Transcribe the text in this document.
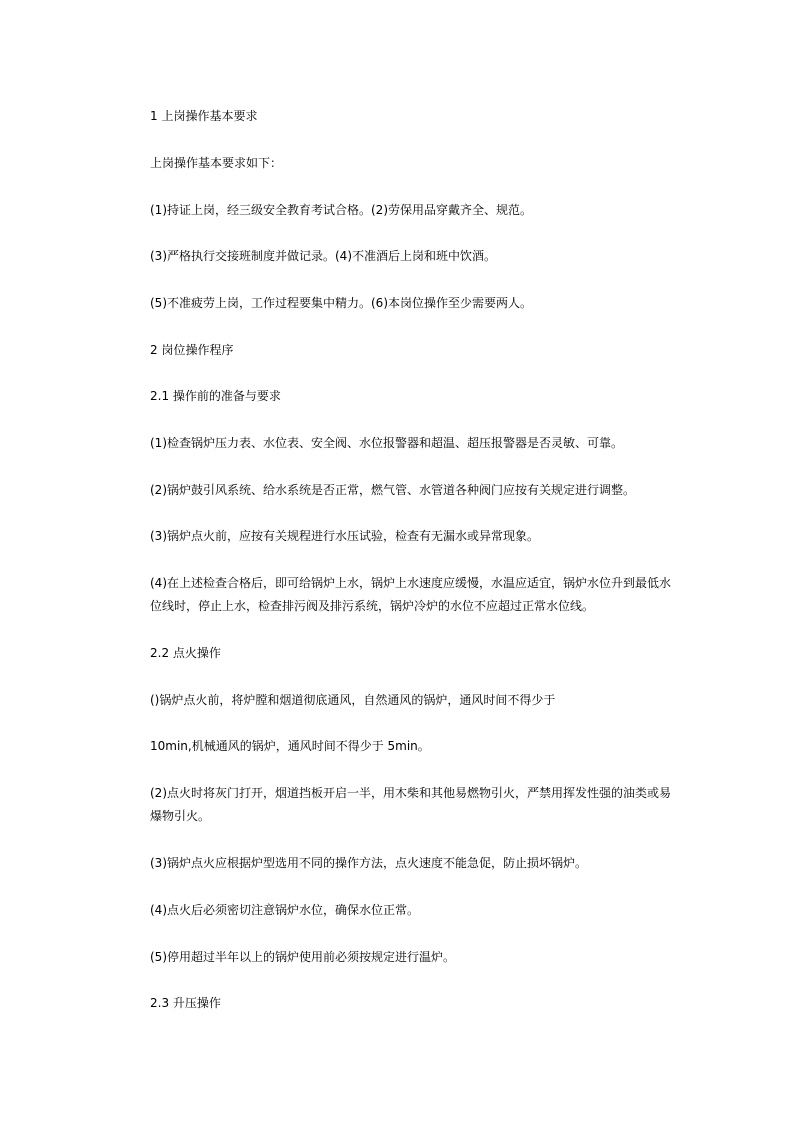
1 上岗操作基本要求

上岗操作基本要求如下：

(1)持证上岗，经三级安全教育考试合格。(2)劳保用品穿戴齐全、规范。

(3)严格执行交接班制度并做记录。(4)不准酒后上岗和班中饮酒。

(5)不准疲劳上岗，工作过程要集中精力。(6)本岗位操作至少需要两人。

2 岗位操作程序

2.1 操作前的准备与要求

(1)检查锅炉压力表、水位表、安全阀、水位报警器和超温、超压报警器是否灵敏、可靠。

(2)锅炉鼓引风系统、给水系统是否正常，燃气管、水管道各种阀门应按有关规定进行调整。

(3)锅炉点火前，应按有关规程进行水压试验，检查有无漏水或异常现象。

(4)在上述检查合格后，即可给锅炉上水，锅炉上水速度应缓慢，水温应适宜，锅炉水位升到最低水位线时，停止上水，检查排污阀及排污系统，锅炉冷炉的水位不应超过正常水位线。

2.2 点火操作

()锅炉点火前，将炉膛和烟道彻底通风，自然通风的锅炉，通风时间不得少于

10min,机械通风的锅炉，通风时间不得少于 5min。

(2)点火时将灰门打开，烟道挡板开启一半，用木柴和其他易燃物引火，严禁用挥发性强的油类或易爆物引火。

(3)锅炉点火应根据炉型选用不同的操作方法，点火速度不能急促，防止损坏锅炉。

(4)点火后必须密切注意锅炉水位，确保水位正常。

(5)停用超过半年以上的锅炉使用前必须按规定进行温炉。

2.3 升压操作
